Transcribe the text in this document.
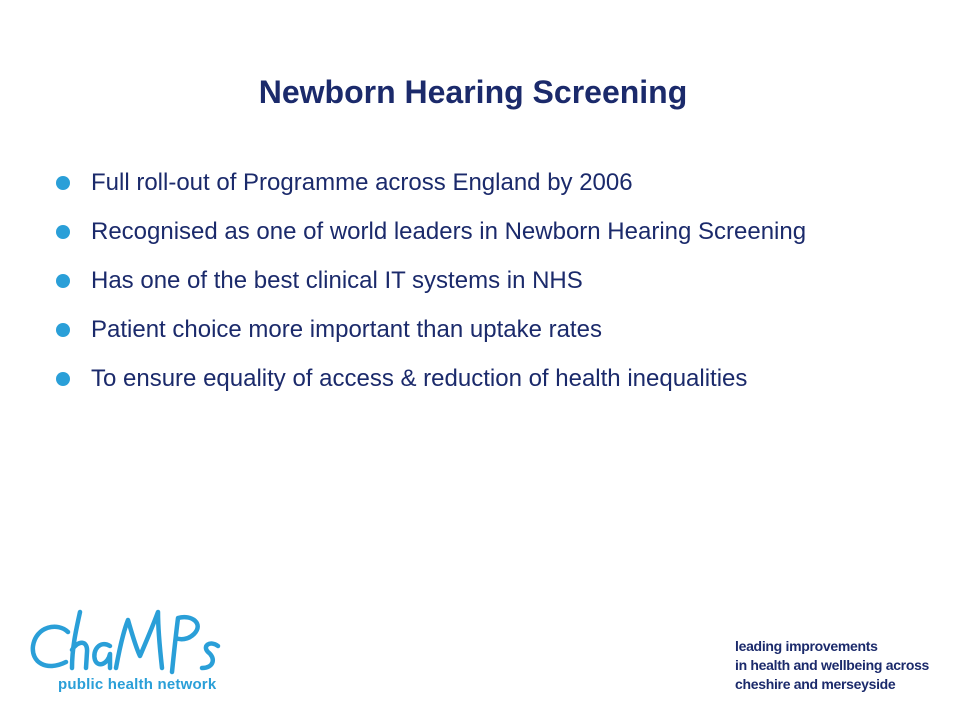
Newborn Hearing Screening
Full roll-out of Programme across England by 2006
Recognised as one of world leaders in Newborn Hearing Screening
Has one of the best clinical IT systems in NHS
Patient choice more important than uptake rates
To ensure equality of access & reduction of health inequalities
public health network
leading improvements
in health and wellbeing across
cheshire and merseyside
